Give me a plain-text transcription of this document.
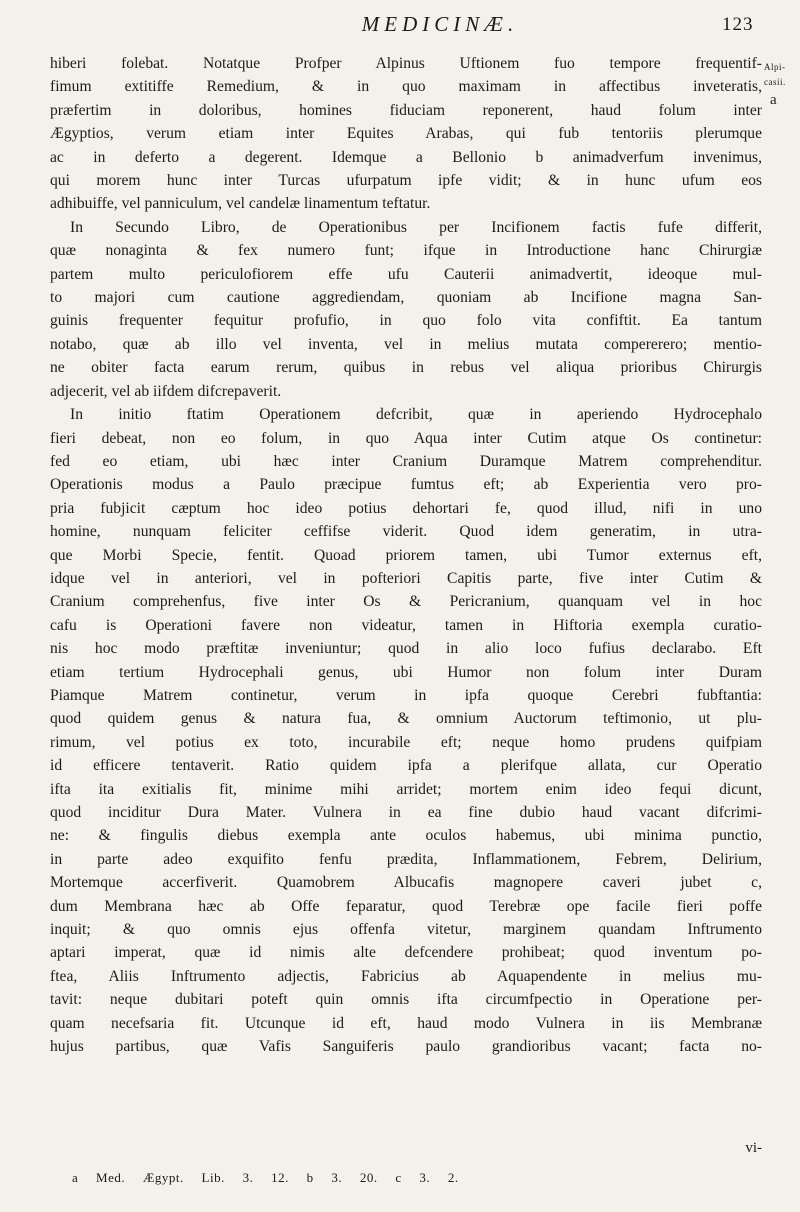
MEDICINÆ.	123
Alpi-
casii.
a
hiberi folebat. Notatque Profper Alpinus Uftionem fuo tempore frequentif-
fimum extitiffe Remedium, & in quo maximam in affectibus inveteratis,
præfertim in doloribus, homines fiduciam reponerent, haud folum inter
Ægyptios, verum etiam inter Equites Arabas, qui fub tentoriis plerumque
ac in deferto a degerent. Idemque a Bellonio b animadverfum invenimus,
qui morem hunc inter Turcas ufurpatum ipfe vidit; & in hunc ufum eos
adhibuiffe, vel panniculum, vel candelæ linamentum teftatur.
In Secundo Libro, de Operationibus per Incifionem factis fufe differit,
quæ nonaginta & fex numero funt; ifque in Introductione hanc Chirurgiæ
partem multo periculofiorem effe ufu Cauterii animadvertit, ideoque mul-
to majori cum cautione aggrediendam, quoniam ab Incifione magna San-
guinis frequenter fequitur profufio, in quo folo vita confiftit. Ea tantum
notabo, quæ ab illo vel inventa, vel in melius mutata compererero; mentio-
ne obiter facta earum rerum, quibus in rebus vel aliqua prioribus Chirurgis
adjecerit, vel ab iifdem difcrepaverit.
In initio ftatim Operationem defcribit, quæ in aperiendo Hydrocephalo
fieri debeat, non eo folum, in quo Aqua inter Cutim atque Os continetur:
fed eo etiam, ubi hæc inter Cranium Duramque Matrem comprehenditur.
Operationis modus a Paulo præcipue fumtus eft; ab Experientia vero pro-
pria fubjicit cæptum hoc ideo potius dehortari fe, quod illud, nifi in uno
homine, nunquam feliciter ceffifse viderit. Quod idem generatim, in utra-
que Morbi Specie, fentit. Quoad priorem tamen, ubi Tumor externus eft,
idque vel in anteriori, vel in pofteriori Capitis parte, five inter Cutim &
Cranium comprehenfus, five inter Os & Pericranium, quanquam vel in hoc
cafu is Operationi favere non videatur, tamen in Hiftoria exempla curatio-
nis hoc modo præftitæ inveniuntur; quod in alio loco fufius declarabo. Eft
etiam tertium Hydrocephali genus, ubi Humor non folum inter Duram
Piamque Matrem continetur, verum in ipfa quoque Cerebri fubftantia:
quod quidem genus & natura fua, & omnium Auctorum teftimonio, ut plu-
rimum, vel potius ex toto, incurabile eft; neque homo prudens quifpiam
id efficere tentaverit. Ratio quidem ipfa a plerifque allata, cur Operatio
ifta ita exitialis fit, minime mihi arridet; mortem enim ideo fequi dicunt,
quod inciditur Dura Mater. Vulnera in ea fine dubio haud vacant difcrimi-
ne: & fingulis diebus exempla ante oculos habemus, ubi minima punctio,
in parte adeo exquifito fenfu prædita, Inflammationem, Febrem, Delirium,
Mortemque accerfiverit. Quamobrem Albucafis magnopere caveri jubet c,
dum Membrana hæc ab Offe feparatur, quod Terebræ ope facile fieri poffe
inquit; & quo omnis ejus offenfa vitetur, marginem quandam Inftrumento
aptari imperat, quæ id nimis alte defcendere prohibeat; quod inventum po-
ftea, Aliis Inftrumento adjectis, Fabricius ab Aquapendente in melius mu-
tavit: neque dubitari poteft quin omnis ifta circumfpectio in Operatione per-
quam necefsaria fit. Utcunque id eft, haud modo Vulnera in iis Membranæ
hujus partibus, quæ Vafis Sanguiferis paulo grandioribus vacant; facta no-
vi-
a Med. Ægypt. Lib. 3. 12. b 3. 20. c 3. 2.
